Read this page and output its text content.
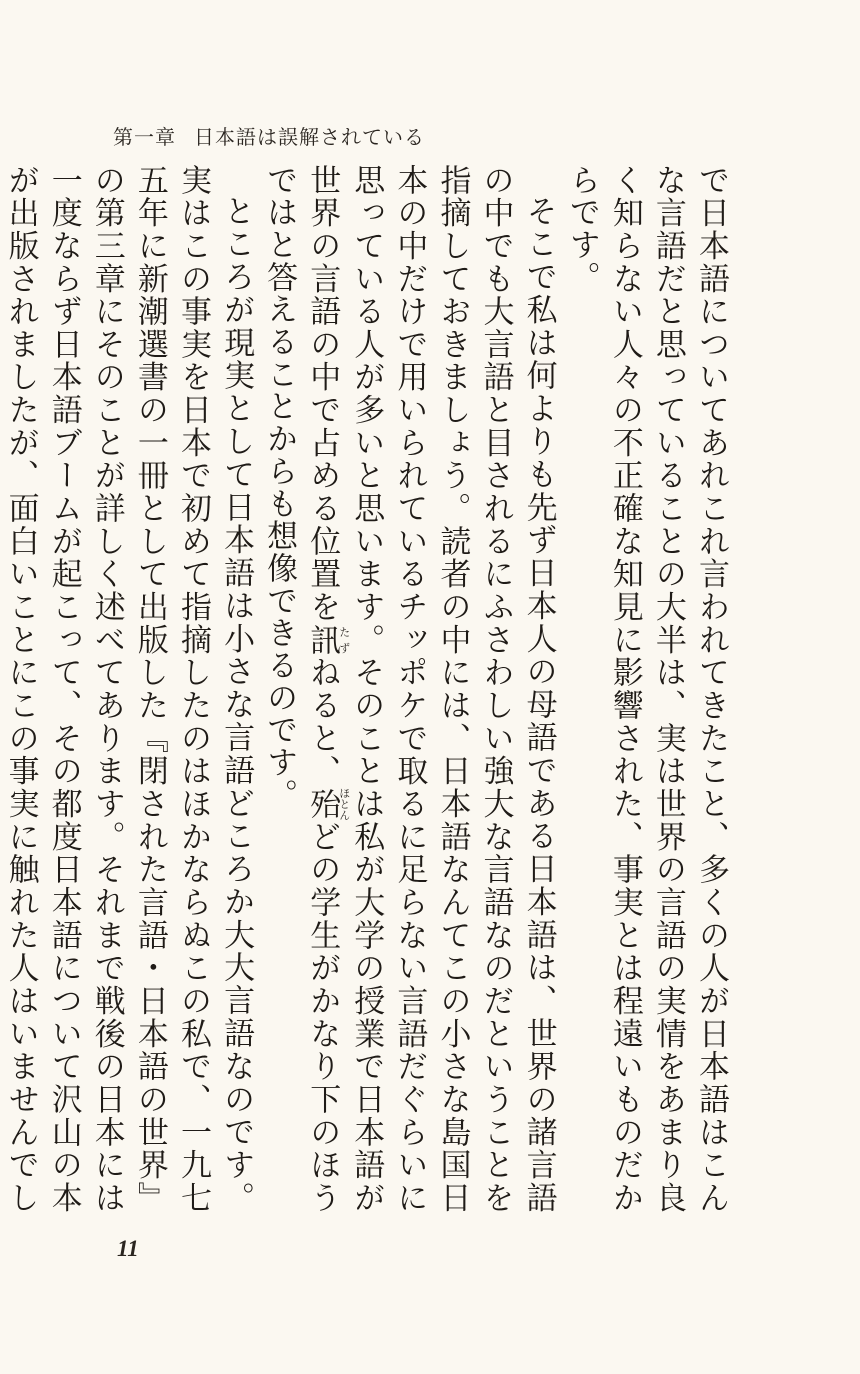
第一章 日本語は誤解されている

で日本語についてあれこれ言われてきたこと、多くの人が日本語はこんな言語だと思っていることの大半は、実は世界の言語の実情をあまり良く知らない人々の不正確な知見に影響された、事実とは程遠いものだからです。

そこで私は何よりも先ず日本人の母語である日本語は、世界の諸言語の中でも大言語と目されるにふさわしい強大な言語なのだということを指摘しておきましょう。読者の中には、日本語なんてこの小さな島国日本の中だけで用いられているチッポケで取るに足らない言語だぐらいに思っている人が多いと思います。そのことは私が大学の授業で日本語が世界の言語の中で占める位置を訊たずねると、殆ほとんどの学生がかなり下のほうではと答えることからも想像できるのです。

ところが現実として日本語は小さな言語どころか大大言語なのです。実はこの事実を日本で初めて指摘したのはほかならぬこの私で、一九七五年に新潮選書の一冊として出版した『閉された言語・日本語の世界』の第三章にそのことが詳しく述べてあります。それまで戦後の日本には一度ならず日本語ブームが起こって、その都度日本語について沢山の本が出版されましたが、面白いことにこの事実に触れた人はいませんでし

11
